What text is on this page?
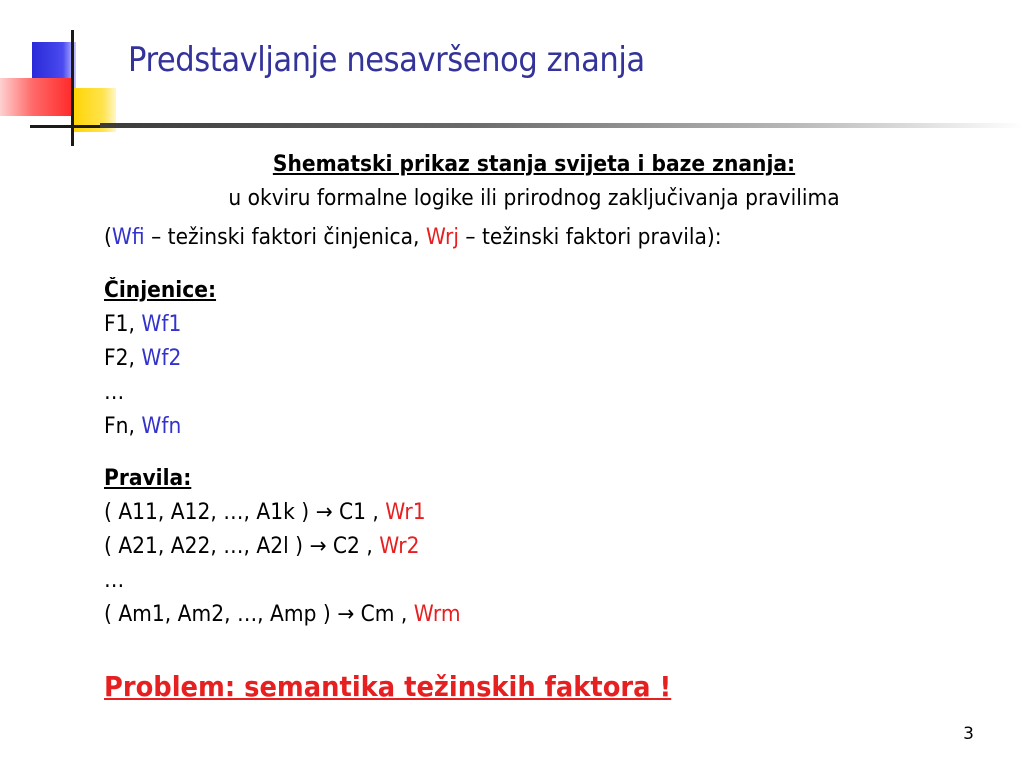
Predstavljanje nesavršenog znanja
Shematski prikaz stanja svijeta i baze znanja:
u okviru formalne logike ili prirodnog zaključivanja pravilima
(Wfi – težinski faktori činjenica, Wrj – težinski faktori pravila):
Činjenice:
F1, Wf1
F2, Wf2
…
Fn, Wfn
Pravila:
( A11, A12, …, A1k ) → C1 , Wr1
( A21, A22, …, A2l ) → C2 , Wr2
…
( Am1, Am2, …, Amp ) → Cm , Wrm
Problem: semantika težinskih faktora !
3
